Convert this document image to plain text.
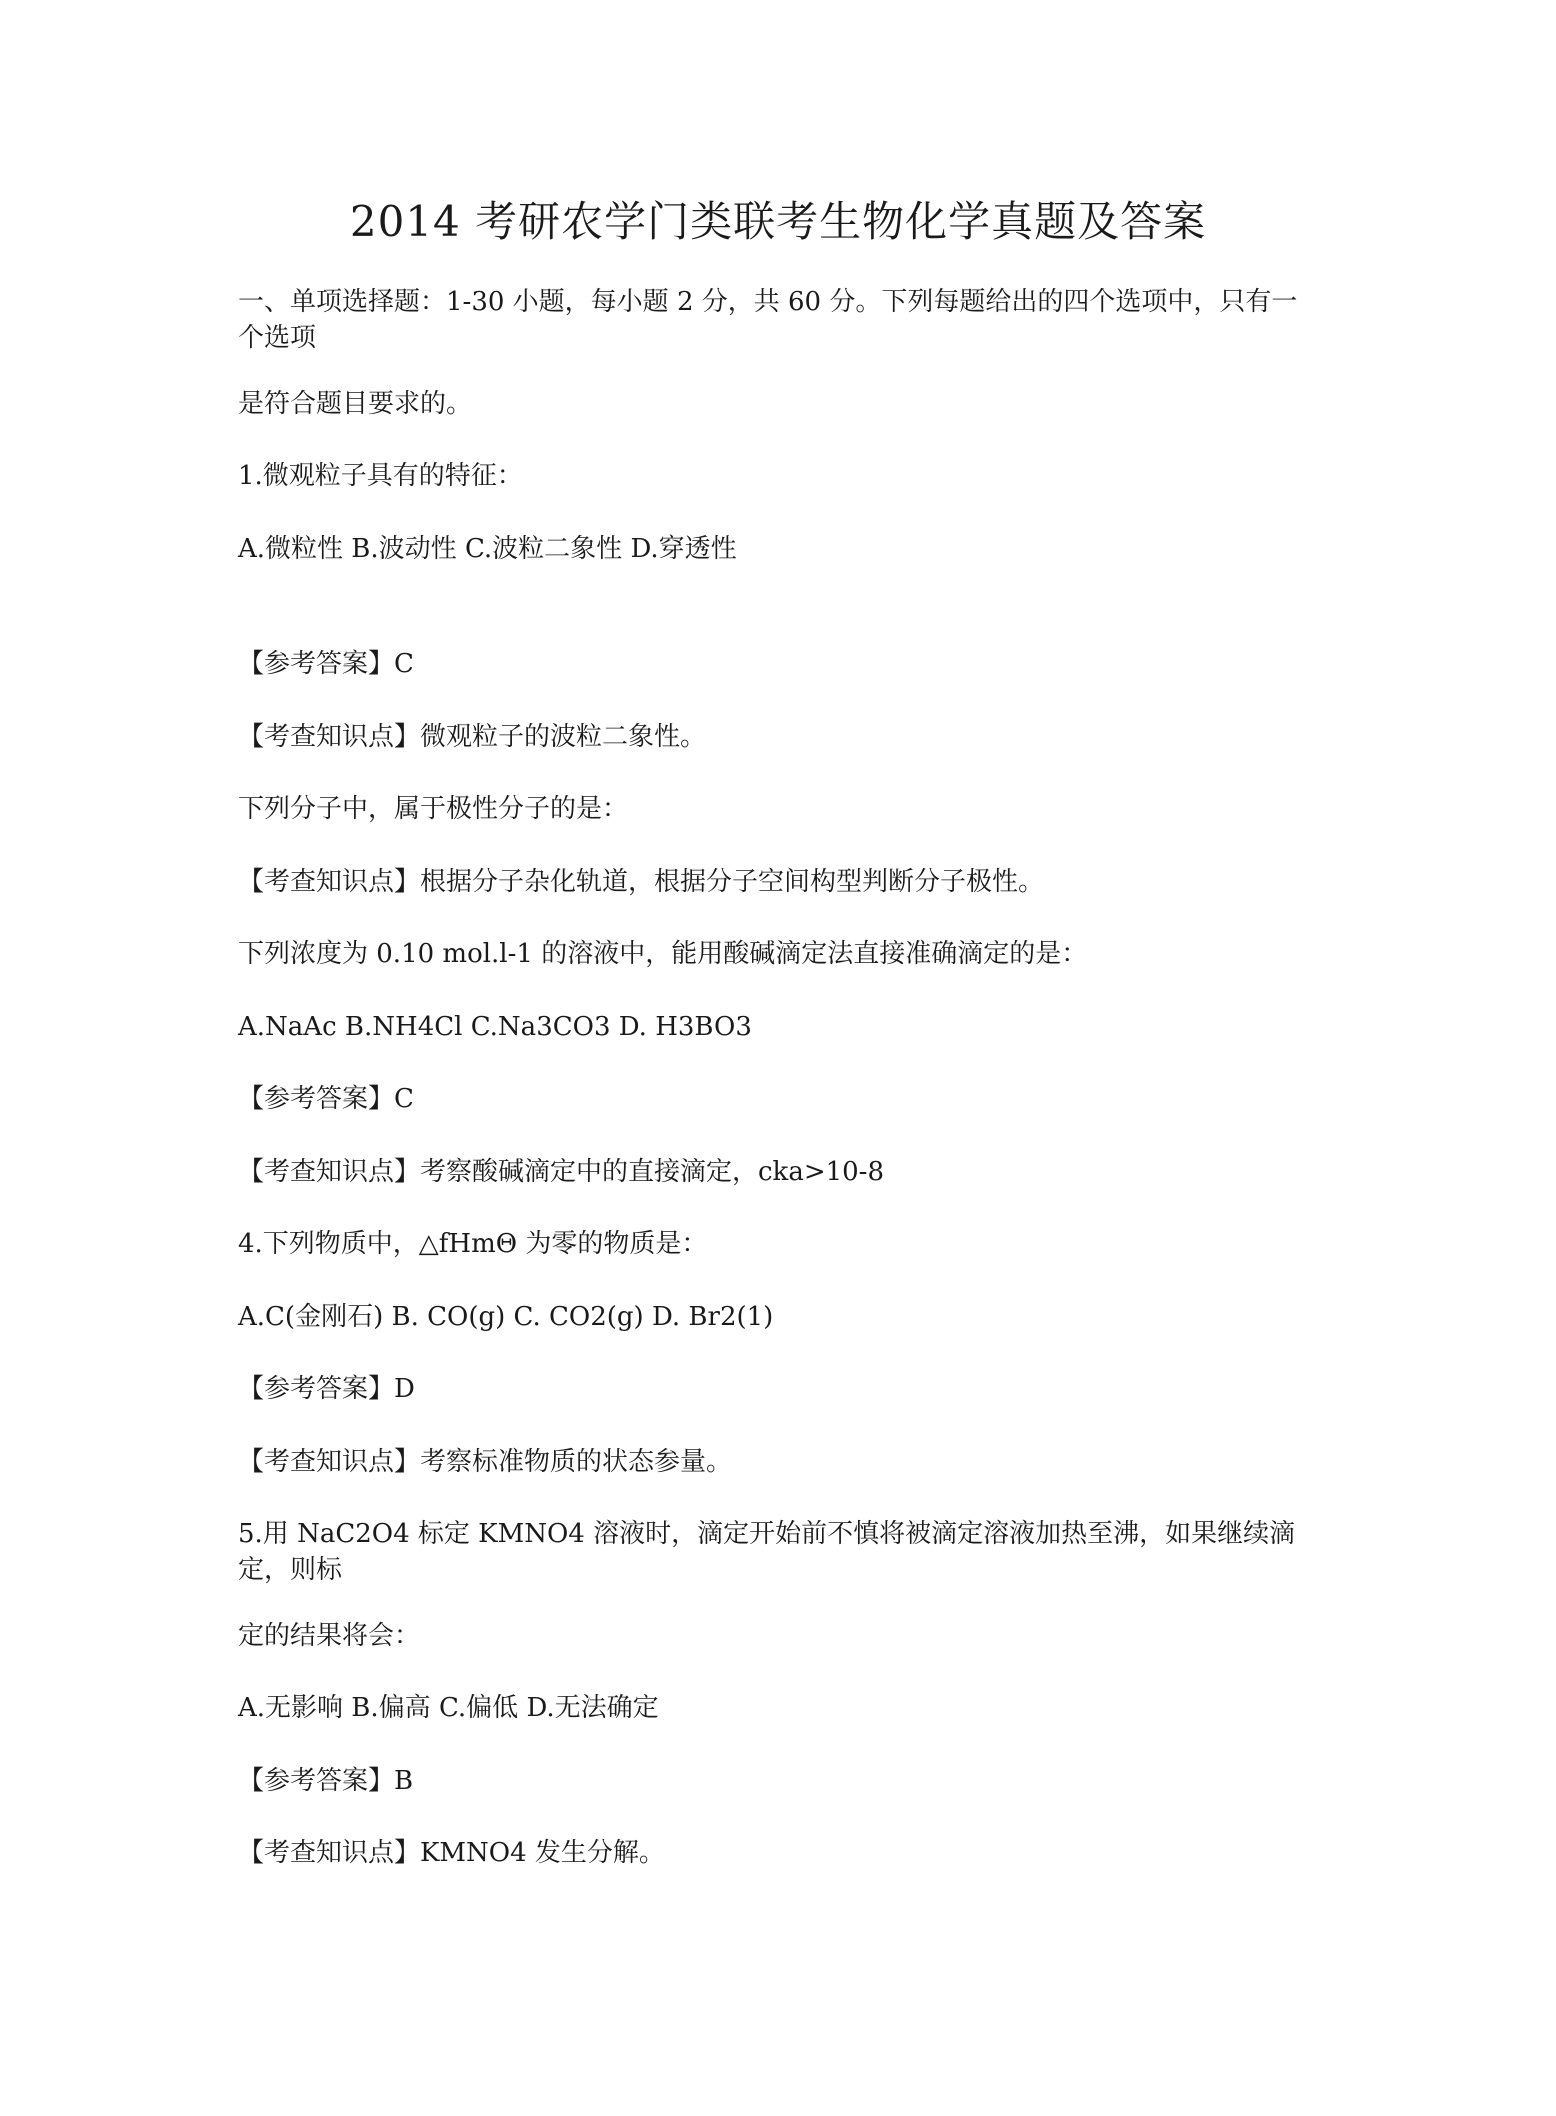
2014 考研农学门类联考生物化学真题及答案

一、单项选择题：1-30 小题，每小题 2 分，共 60 分。下列每题给出的四个选项中，只有一个选项

是符合题目要求的。

1.微观粒子具有的特征：

A.微粒性 B.波动性 C.波粒二象性 D.穿透性

【参考答案】C

【考查知识点】微观粒子的波粒二象性。

下列分子中，属于极性分子的是：

【考查知识点】根据分子杂化轨道，根据分子空间构型判断分子极性。

下列浓度为 0.10 mol.l-1 的溶液中，能用酸碱滴定法直接准确滴定的是：

A.NaAc B.NH4Cl C.Na3CO3 D. H3BO3

【参考答案】C

【考查知识点】考察酸碱滴定中的直接滴定，cka>10-8

4.下列物质中，△fHmΘ 为零的物质是：

A.C(金刚石) B. CO(g) C. CO2(g) D. Br2(1)

【参考答案】D

【考查知识点】考察标准物质的状态参量。

5.用 NaC2O4 标定 KMNO4 溶液时，滴定开始前不慎将被滴定溶液加热至沸，如果继续滴定，则标

定的结果将会：

A.无影响 B.偏高 C.偏低 D.无法确定

【参考答案】B

【考查知识点】KMNO4 发生分解。
